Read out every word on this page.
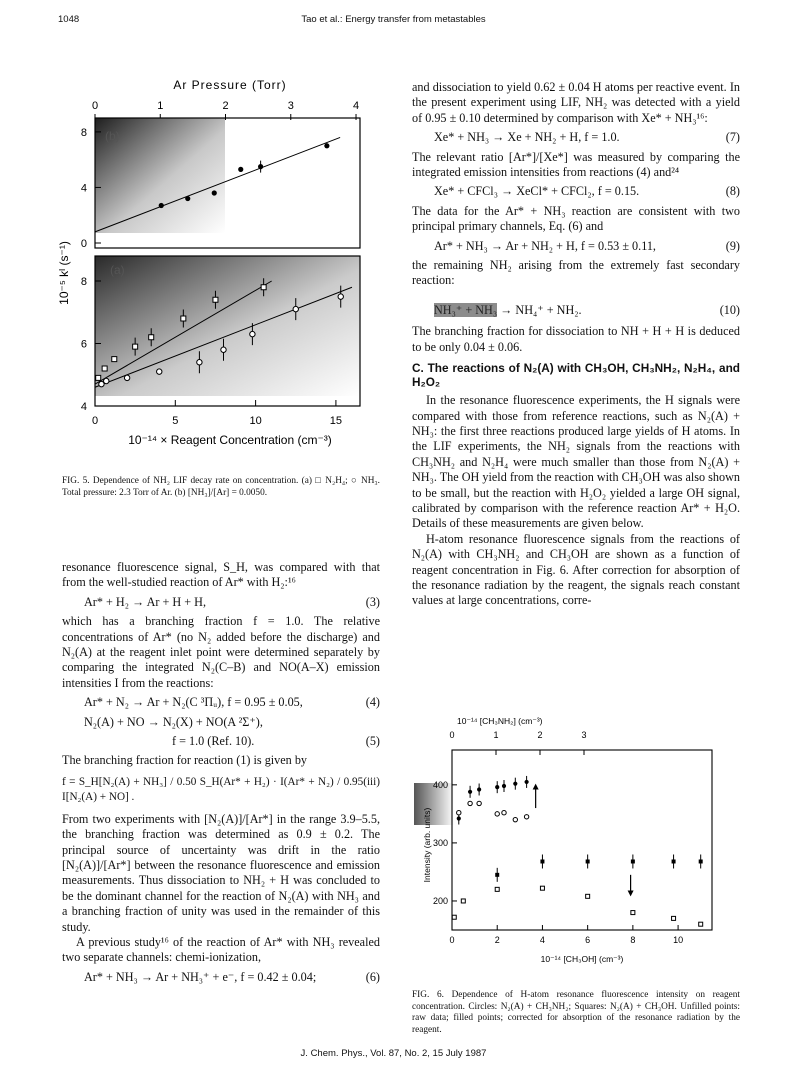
1048	Tao et al.: Energy transfer from metastables
Ar Pressure (Torr)
0	1	2	3	4
(b)
(a)
8
4
0
8
6
4
10⁻⁵ kᴵ (s⁻¹)
0	5	10	15
10⁻¹⁴ × Reagent Concentration (cm⁻³)
FIG. 5. Dependence of NH₂ LIF decay rate on concentration. (a) □ N₂H₄; ○ NH₃. Total pressure: 2.3 Torr of Ar. (b) [NH₃]/[Ar] = 0.0050.

resonance fluorescence signal, S_H, was compared with that from the well-studied reaction of Ar* with H₂:¹⁶

Ar* + H₂ → Ar + H + H,	(3)

which has a branching fraction f = 1.0. The relative concentrations of Ar* (no N₂ added before the discharge) and N₂(A) at the reagent inlet point were determined separately by comparing the integrated N₂(C–B) and NO(A–X) emission intensities I from the reactions:

Ar* + N₂ → Ar + N₂(C ³Πᵤ), f = 0.95 ± 0.05,	(4)
N₂(A) + NO → N₂(X) + NO(A ²Σ⁺),
f = 1.0 (Ref. 10).	(5)

The branching fraction for reaction (1) is given by

f = S_H[N₂(A) + NH₃] / 0.50 S_H(Ar* + H₂) · I(Ar* + N₂) / 0.95 I[N₂(A) + NO] .
(iii)

From two experiments with [N₂(A)]/[Ar*] in the range 3.9–5.5, the branching fraction was determined as 0.9 ± 0.2. The principal source of uncertainty was drift in the ratio [N₂(A)]/[Ar*] between the resonance fluorescence and emission measurements. Thus dissociation to NH₂ + H was concluded to be the dominant channel for the reaction of N₂(A) with NH₃ and a branching fraction of unity was used in the remainder of this study.

A previous study¹⁶ of the reaction of Ar* with NH₃ revealed two separate channels: chemi-ionization,

Ar* + NH₃ → Ar + NH₃⁺ + e⁻, f = 0.42 ± 0.04;	(6)

and dissociation to yield 0.62 ± 0.04 H atoms per reactive event. In the present experiment using LIF, NH₂ was detected with a yield of 0.95 ± 0.10 determined by comparison with Xe* + NH₃¹⁶:

Xe* + NH₃ → Xe + NH₂ + H, f = 1.0.	(7)

The relevant ratio [Ar*]/[Xe*] was measured by comparing the integrated emission intensities from reactions (4) and²⁴

Xe* + CFCl₃ → XeCl* + CFCl₂, f = 0.15.	(8)

The data for the Ar* + NH₃ reaction are consistent with two principal primary channels, Eq. (6) and

Ar* + NH₃ → Ar + NH₂ + H, f = 0.53 ± 0.11,	(9)

the remaining NH₂ arising from the extremely fast secondary reaction:

NH₃⁺ + NH₃ → NH₄⁺ + NH₂.	(10)

The branching fraction for dissociation to NH + H + H is deduced to be only 0.04 ± 0.06.

C. The reactions of N₂(A) with CH₃OH, CH₃NH₂, N₂H₄, and H₂O₂

In the resonance fluorescence experiments, the H signals were compared with those from reference reactions, such as N₂(A) + NH₃: the first three reactions produced large yields of H atoms. In the LIF experiments, the NH₂ signals from the reactions with CH₃NH₂ and N₂H₄ were much smaller than those from N₂(A) + NH₃. The OH yield from the reaction with CH₃OH was also shown to be small, but the reaction with H₂O₂ yielded a large OH signal, calibrated by comparison with the reference reaction Ar* + H₂O. Details of these measurements are given below.

H-atom resonance fluorescence signals from the reactions of N₂(A) with CH₃NH₂ and CH₃OH are shown as a function of reagent concentration in Fig. 6. After correction for absorption of the resonance radiation by the reagent, the signals reach constant values at large concentrations, corre-

10⁻¹⁴ [CH₃NH₂] (cm⁻³)
0	1	2	3
Intensity (arb. units)
400
300
200
0	2	4	6	8	10
10⁻¹⁴ [CH₃OH] (cm⁻³)
FIG. 6. Dependence of H-atom resonance fluorescence intensity on reagent concentration. Circles: N₂(A) + CH₃NH₂; Squares: N₂(A) + CH₃OH. Unfilled points: raw data; filled points; corrected for absorption of the resonance radiation by the reagent.
J. Chem. Phys., Vol. 87, No. 2, 15 July 1987
